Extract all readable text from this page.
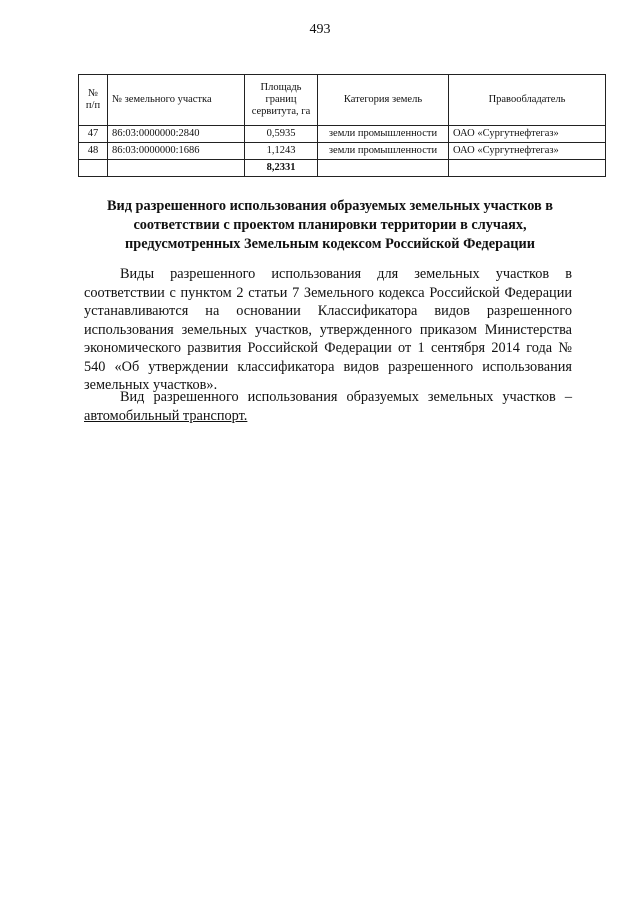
493
№ п/п	№ земельного участка	Площадь границ сервитута, га	Категория земель	Правообладатель
47	86:03:0000000:2840	0,5935	земли промышленности	ОАО «Сургутнефтегаз»
48	86:03:0000000:1686	1,1243	земли промышленности	ОАО «Сургутнефтегаз»
		8,2331		
Вид разрешенного использования образуемых земельных участков в соответствии с проектом планировки территории в случаях, предусмотренных Земельным кодексом Российской Федерации

Виды разрешенного использования для земельных участков в соответствии с пунктом 2 статьи 7 Земельного кодекса Российской Федерации устанавливаются на основании Классификатора видов разрешенного использования земельных участков, утвержденного приказом Министерства экономического развития Российской Федерации от 1 сентября 2014 года № 540 «Об утверждении классификатора видов разрешенного использования земельных участков».

Вид разрешенного использования образуемых земельных участков – автомобильный транспорт.
